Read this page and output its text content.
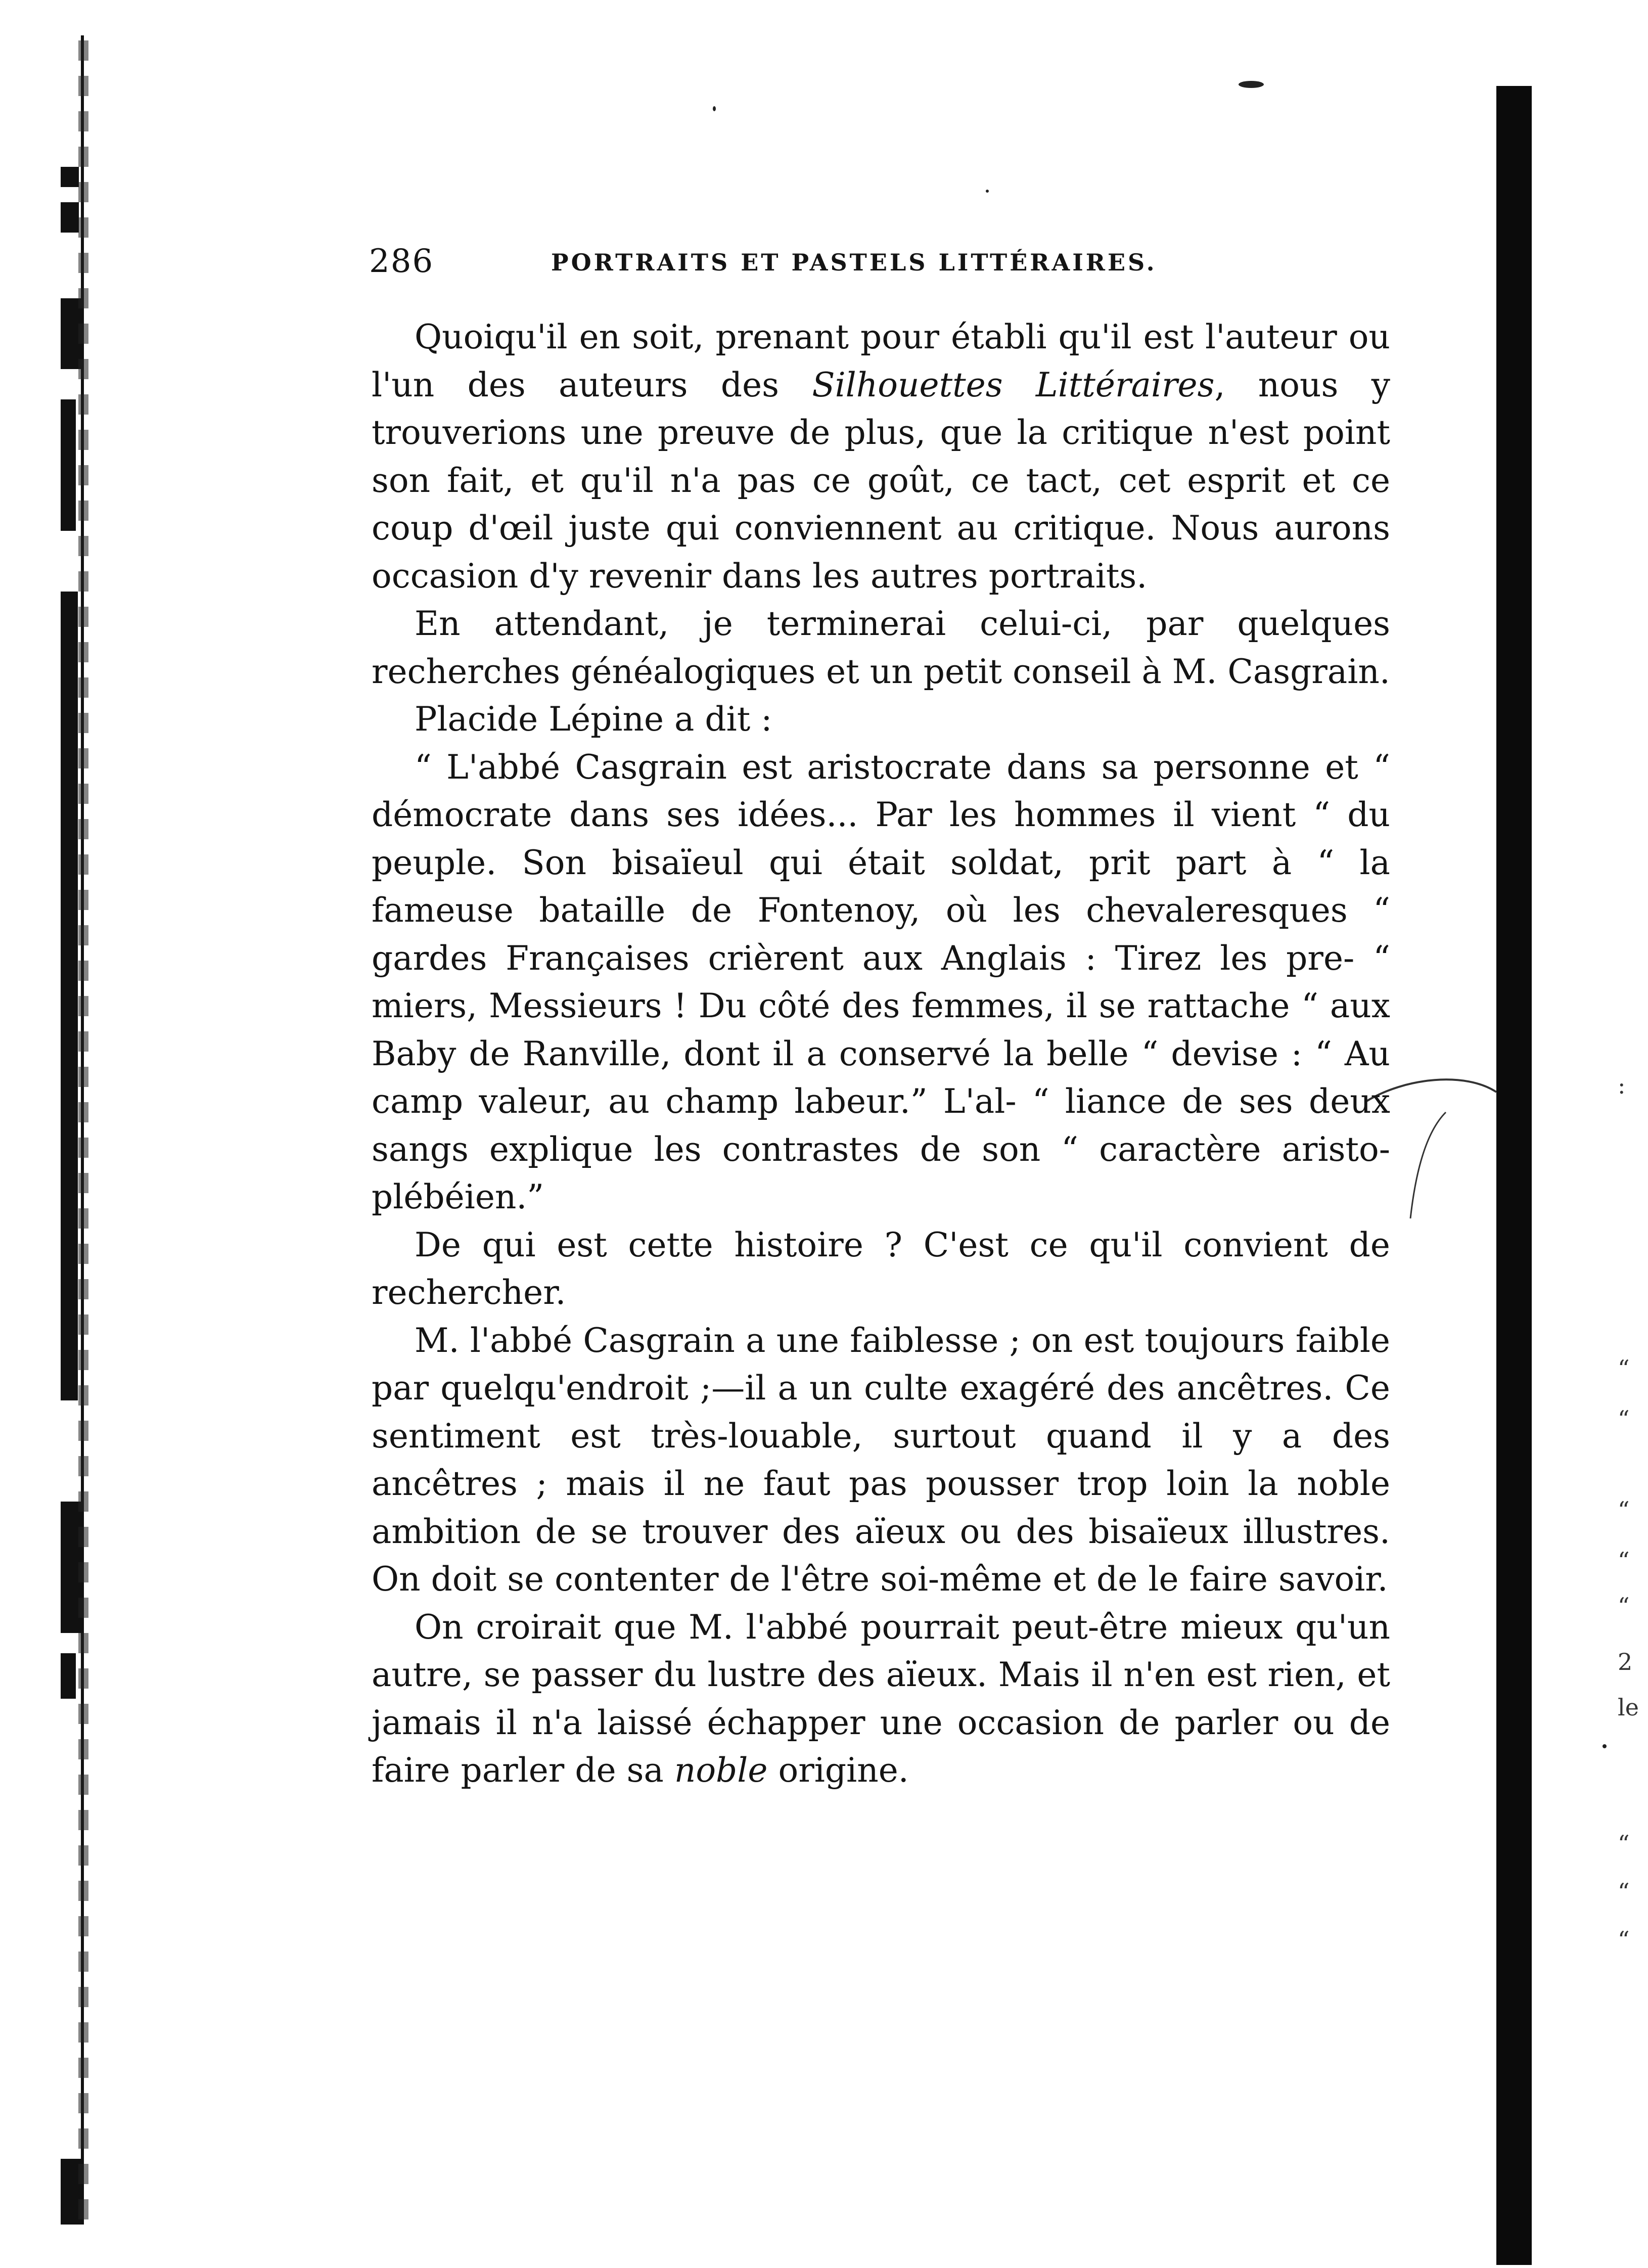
:
“
“
“
“
“
2
le
“
“
“
286	PORTRAITS ET PASTELS LITTÉRAIRES.

Quoiqu'il en soit, prenant pour établi qu'il est l'auteur ou l'un des auteurs des Silhouettes Littéraires, nous y trouverions une preuve de plus, que la critique n'est point son fait, et qu'il n'a pas ce goût, ce tact, cet esprit et ce coup d'œil juste qui conviennent au critique. Nous aurons occasion d'y revenir dans les autres portraits.

En attendant, je terminerai celui-ci, par quelques recherches généalogiques et un petit conseil à M. Casgrain.

Placide Lépine a dit :

“ L'abbé Casgrain est aristocrate dans sa personne et “ démocrate dans ses idées... Par les hommes il vient “ du peuple. Son bisaïeul qui était soldat, prit part à “ la fameuse bataille de Fontenoy, où les chevaleresques “ gardes Françaises crièrent aux Anglais : Tirez les pre- “ miers, Messieurs ! Du côté des femmes, il se rattache “ aux Baby de Ranville, dont il a conservé la belle “ devise : “ Au camp valeur, au champ labeur.” L'al- “ liance de ses deux sangs explique les contrastes de son “ caractère aristo-plébéien.”

De qui est cette histoire ? C'est ce qu'il convient de rechercher.

M. l'abbé Casgrain a une faiblesse ; on est toujours faible par quelqu'endroit ;—il a un culte exagéré des ancêtres. Ce sentiment est très-louable, surtout quand il y a des ancêtres ; mais il ne faut pas pousser trop loin la noble ambition de se trouver des aïeux ou des bisaïeux illustres. On doit se contenter de l'être soi-même et de le faire savoir.

On croirait que M. l'abbé pourrait peut-être mieux qu'un autre, se passer du lustre des aïeux. Mais il n'en est rien, et jamais il n'a laissé échapper une occasion de parler ou de faire parler de sa noble origine.
